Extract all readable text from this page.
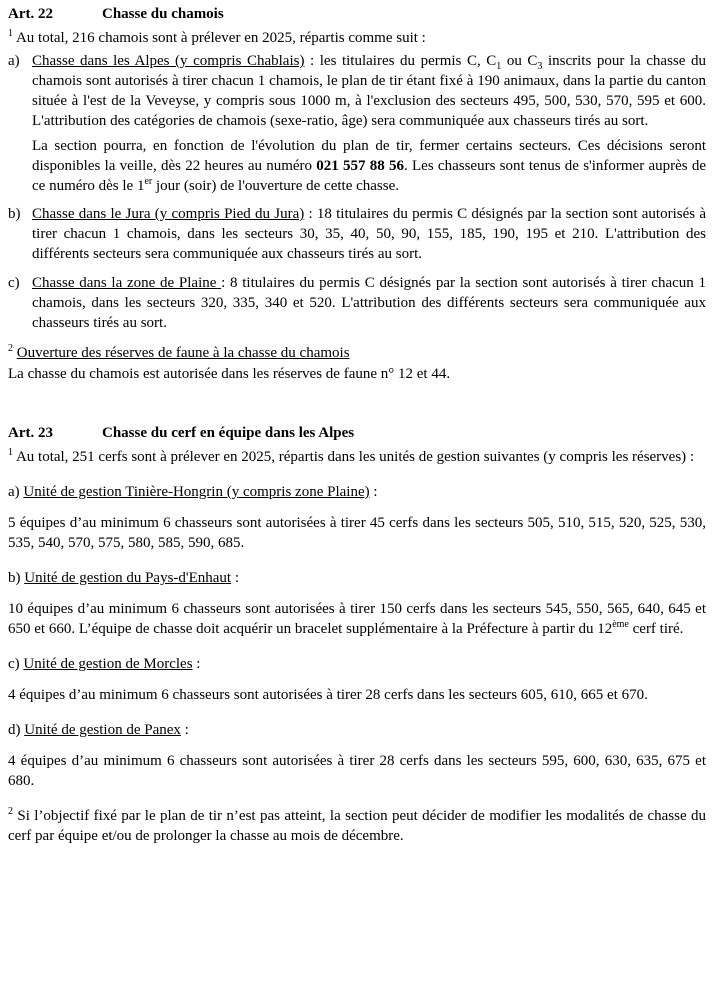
Art. 22	Chasse du chamois

$^1$ Au total, 216 chamois sont à prélever en 2025, répartis comme suit :

a) Chasse dans les Alpes (y compris Chablais) : les titulaires du permis C, $C_1$ ou $C_3$ inscrits pour la chasse du chamois sont autorisés à tirer chacun 1 chamois, le plan de tir étant fixé à 190 animaux, dans la partie du canton située à l'est de la Veveyse, y compris sous 1000 m, à l'exclusion des secteurs 495, 500, 530, 570, 595 et 600. L'attribution des catégories de chamois (sexe-ratio, âge) sera communiquée aux chasseurs tirés au sort.
La section pourra, en fonction de l'évolution du plan de tir, fermer certains secteurs. Ces décisions seront disponibles la veille, dès 22 heures au numéro 021 557 88 56. Les chasseurs sont tenus de s'informer auprès de ce numéro dès le 1er jour (soir) de l'ouverture de cette chasse.
b) Chasse dans le Jura (y compris Pied du Jura) : 18 titulaires du permis C désignés par la section sont autorisés à tirer chacun 1 chamois, dans les secteurs 30, 35, 40, 50, 90, 155, 185, 190, 195 et 210. L'attribution des différents secteurs sera communiquée aux chasseurs tirés au sort.
c) Chasse dans la zone de Plaine : 8 titulaires du permis C désignés par la section sont autorisés à tirer chacun 1 chamois, dans les secteurs 320, 335, 340 et 520. L'attribution des différents secteurs sera communiquée aux chasseurs tirés au sort.

$^2$ Ouverture des réserves de faune à la chasse du chamois

La chasse du chamois est autorisée dans les réserves de faune n° 12 et 44.

Art. 23	Chasse du cerf en équipe dans les Alpes

$^1$ Au total, 251 cerfs sont à prélever en 2025, répartis dans les unités de gestion suivantes (y compris les réserves) :

a) Unité de gestion Tinière-Hongrin (y compris zone Plaine) :

5 équipes d’au minimum 6 chasseurs sont autorisées à tirer 45 cerfs dans les secteurs 505, 510, 515, 520, 525, 530, 535, 540, 570, 575, 580, 585, 590, 685.

b) Unité de gestion du Pays-d'Enhaut :

10 équipes d’au minimum 6 chasseurs sont autorisées à tirer 150 cerfs dans les secteurs 545, 550, 565, 640, 645 et 650 et 660. L’équipe de chasse doit acquérir un bracelet supplémentaire à la Préfecture à partir du 12ème cerf tiré.

c) Unité de gestion de Morcles :

4 équipes d’au minimum 6 chasseurs sont autorisées à tirer 28 cerfs dans les secteurs 605, 610, 665 et 670.

d) Unité de gestion de Panex :

4 équipes d’au minimum 6 chasseurs sont autorisées à tirer 28 cerfs dans les secteurs 595, 600, 630, 635, 675 et 680.

$^2$ Si l’objectif fixé par le plan de tir n’est pas atteint, la section peut décider de modifier les modalités de chasse du cerf par équipe et/ou de prolonger la chasse au mois de décembre.
